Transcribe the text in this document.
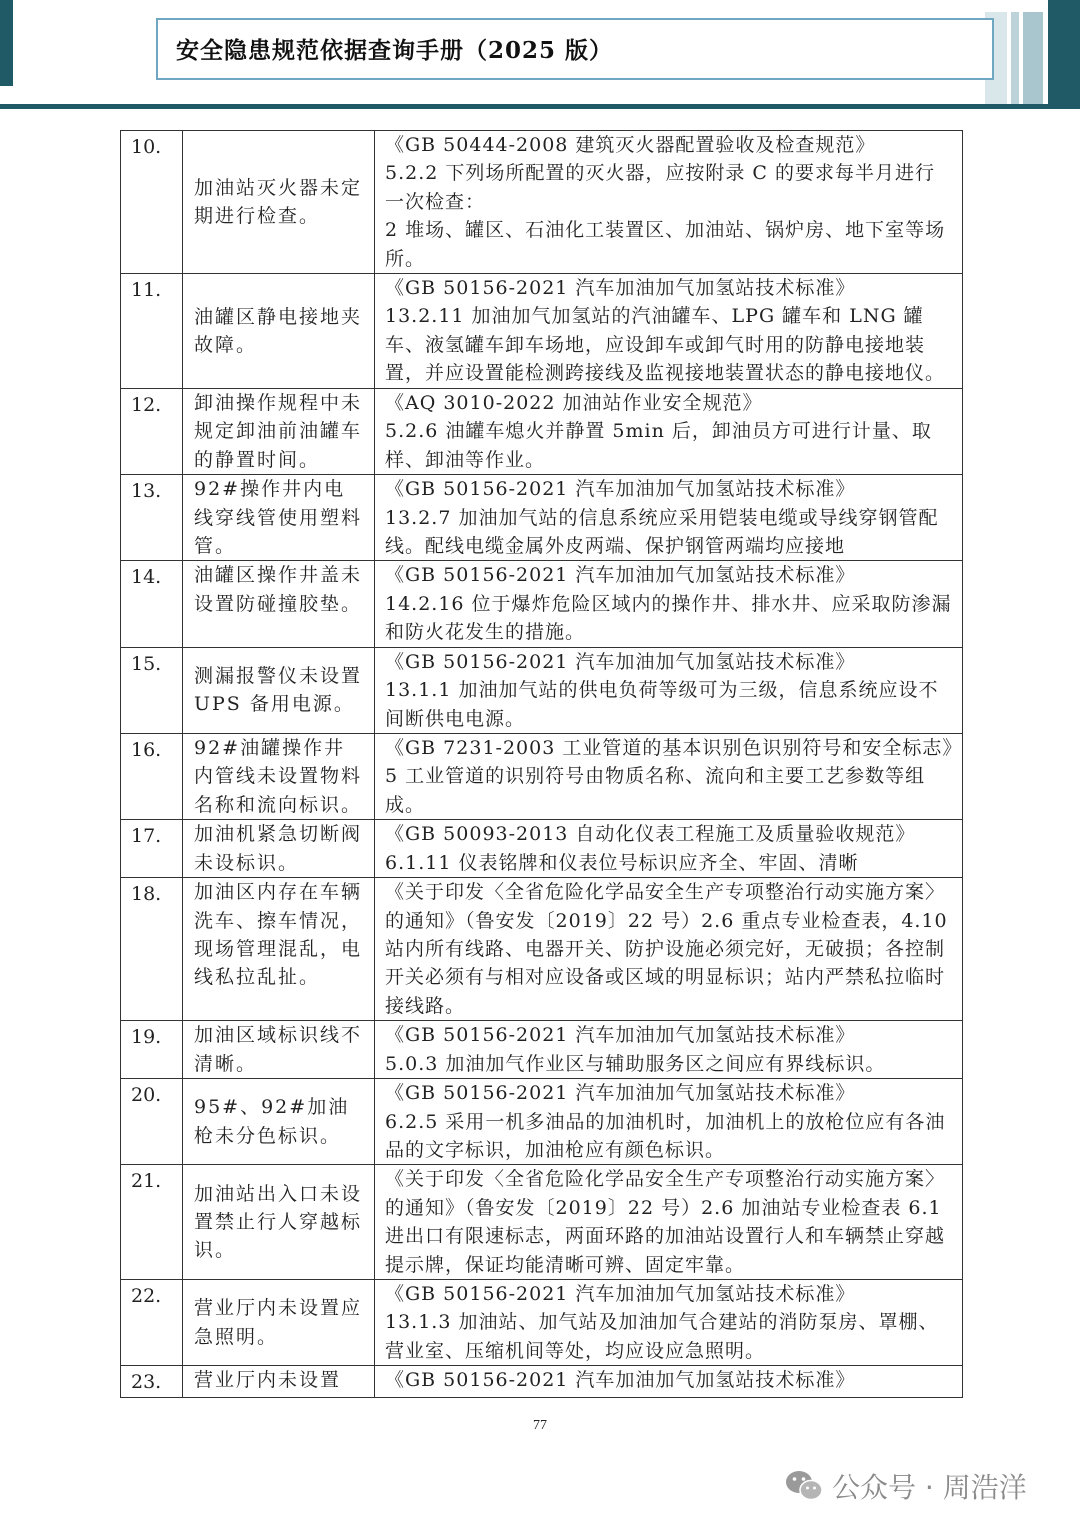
安全隐患规范依据查询手册（2025 版）
10.	加油站灭火器未定期进行检查。	《GB 50444-2008 建筑灭火器配置验收及检查规范》
5.2.2 下列场所配置的灭火器，应按附录 C 的要求每半月进行一次检查：
2 堆场、罐区、石油化工装置区、加油站、锅炉房、地下室等场所。

11.	油罐区静电接地夹故障。	《GB 50156-2021 汽车加油加气加氢站技术标准》
13.2.11 加油加气加氢站的汽油罐车、LPG 罐车和 LNG 罐车、液氢罐车卸车场地，应设卸车或卸气时用的防静电接地装置，并应设置能检测跨接线及监视接地装置状态的静电接地仪。

12.	卸油操作规程中未规定卸油前油罐车的静置时间。	《AQ 3010-2022 加油站作业安全规范》
5.2.6 油罐车熄火并静置 5min 后，卸油员方可进行计量、取样、卸油等作业。

13.	92#操作井内电线穿线管使用塑料管。	《GB 50156-2021 汽车加油加气加氢站技术标准》
13.2.7 加油加气站的信息系统应采用铠装电缆或导线穿钢管配线。配线电缆金属外皮两端、保护钢管两端均应接地

14.	油罐区操作井盖未设置防碰撞胶垫。	《GB 50156-2021 汽车加油加气加氢站技术标准》
14.2.16 位于爆炸危险区域内的操作井、排水井、应采取防渗漏和防火花发生的措施。

15.	测漏报警仪未设置 UPS 备用电源。	《GB 50156-2021 汽车加油加气加氢站技术标准》
13.1.1 加油加气站的供电负荷等级可为三级，信息系统应设不间断供电电源。

16.	92#油罐操作井内管线未设置物料名称和流向标识。	《GB 7231-2003 工业管道的基本识别色识别符号和安全标志》
5 工业管道的识别符号由物质名称、流向和主要工艺参数等组成。

17.	加油机紧急切断阀未设标识。	《GB 50093-2013 自动化仪表工程施工及质量验收规范》
6.1.11 仪表铭牌和仪表位号标识应齐全、牢固、清晰

18.	加油区内存在车辆洗车、擦车情况，现场管理混乱，电线私拉乱扯。	《关于印发〈全省危险化学品安全生产专项整治行动实施方案〉的通知》（鲁安发〔2019〕22 号）2.6 重点专业检查表，4.10 站内所有线路、电器开关、防护设施必须完好，无破损；各控制开关必须有与相对应设备或区域的明显标识；站内严禁私拉临时接线路。

19.	加油区域标识线不清晰。	《GB 50156-2021 汽车加油加气加氢站技术标准》
5.0.3 加油加气作业区与辅助服务区之间应有界线标识。

20.	95#、92#加油枪未分色标识。	《GB 50156-2021 汽车加油加气加氢站技术标准》
6.2.5 采用一机多油品的加油机时，加油机上的放枪位应有各油品的文字标识，加油枪应有颜色标识。

21.	加油站出入口未设置禁止行人穿越标识。	《关于印发〈全省危险化学品安全生产专项整治行动实施方案〉的通知》（鲁安发〔2019〕22 号）2.6 加油站专业检查表 6.1 进出口有限速标志，两面环路的加油站设置行人和车辆禁止穿越提示牌，保证均能清晰可辨、固定牢靠。

22.	营业厅内未设置应急照明。	《GB 50156-2021 汽车加油加气加氢站技术标准》
13.1.3 加油站、加气站及加油加气合建站的消防泵房、罩棚、营业室、压缩机间等处，均应设应急照明。

23.	营业厅内未设置	《GB 50156-2021 汽车加油加气加氢站技术标准》
77
公众号 · 周浩洋
